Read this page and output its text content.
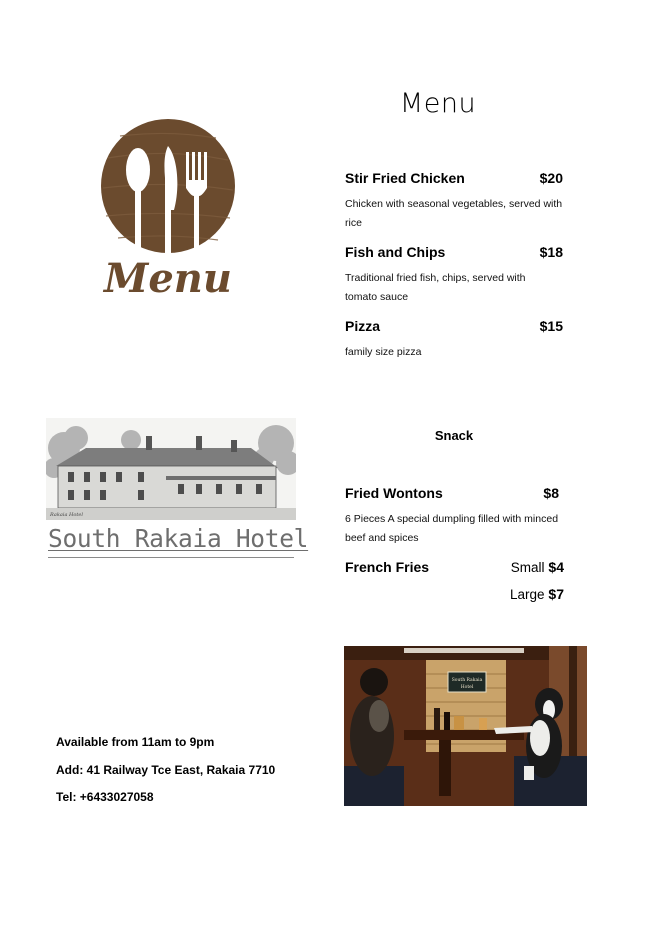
Menu
Menu
Stir Fried Chicken	$20
Chicken with seasonal vegetables, served with rice
Fish and Chips	$18
Traditional fried fish, chips, served with tomato sauce
Pizza	$15
family size pizza
Rakaia Hotel
South Rakaia Hotel
Snack
Fried Wontons	$8
6 Pieces A special dumpling filled with minced beef and spices
French Fries	Small $4
Large $7
South Rakaia
Hotel
Available from 11am to 9pm
Add: 41 Railway Tce East, Rakaia 7710
Tel: +6433027058
